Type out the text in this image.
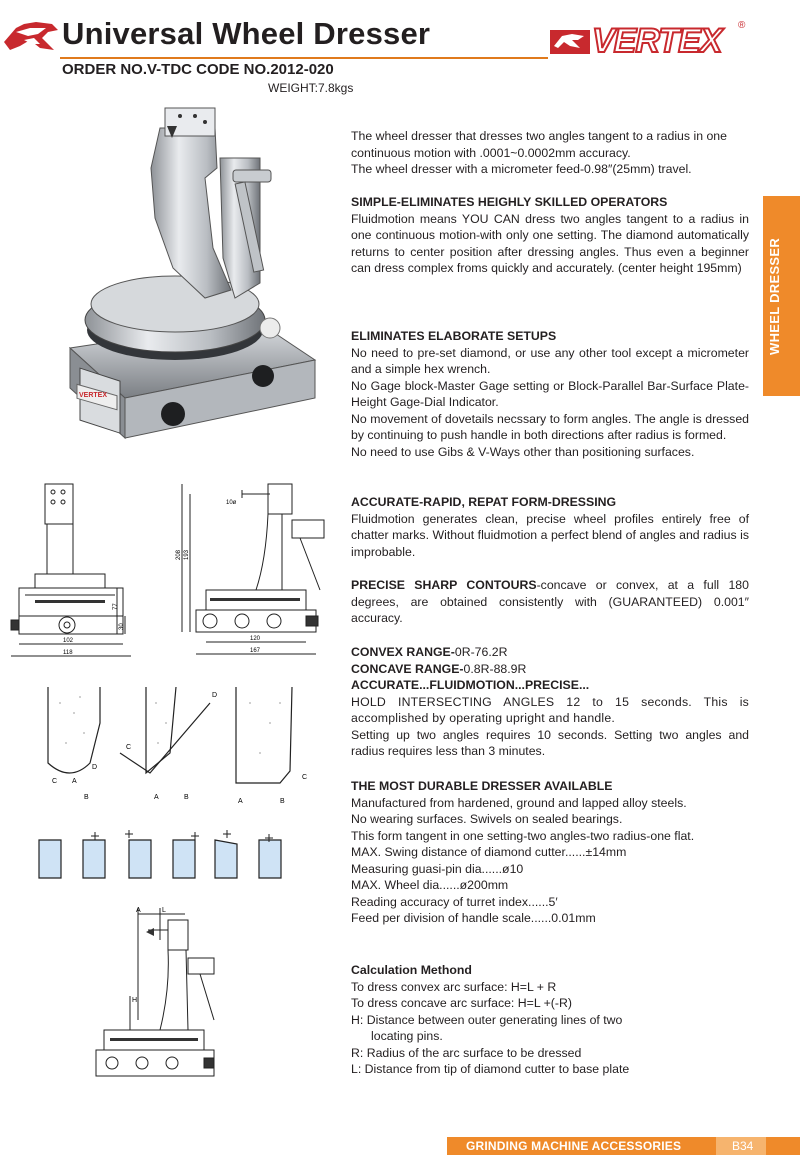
Universal Wheel Dresser
ORDER NO.V-TDC CODE NO.2012-020
WEIGHT:7.8kgs
VERTEX ®
WHEEL DRESSER
VERTEX
77
30
102
118
208 193
10ø
120
167
C A
D
B
D
C
A	B
A	B
C
A	L
H

The wheel dresser that dresses two angles tangent to a radius in one continuous motion with .0001~0.0002mm accuracy.

The wheel dresser with a micrometer feed-0.98″(25mm) travel.

SIMPLE-ELIMINATES HEIGHLY SKILLED OPERATORS

Fluidmotion means YOU CAN dress two angles tangent to a radius in one continuous motion-with only one setting. The diamond automatically returns to center position after dressing angles. Thus even a beginner can dress complex froms quickly and accurately. (center height 195mm)

ELIMINATES ELABORATE SETUPS

No need to pre-set diamond, or use any other tool except a micrometer and a simple hex wrench.

No Gage block-Master Gage setting or Block-Parallel Bar-Surface Plate-Height Gage-Dial Indicator.

No movement of dovetails necssary to form angles. The angle is dressed by continuing to push handle in both directions after radius is formed.

No need to use Gibs & V-Ways other than positioning surfaces.

ACCURATE-RAPID, REPAT FORM-DRESSING

Fluidmotion generates clean, precise wheel profiles entirely free of chatter marks. Without fluidmotion a perfect blend of angles and radius is improbable.

PRECISE SHARP CONTOURS-concave or convex, at a full 180 degrees, are obtained consistently with (GUARANTEED) 0.001″ accuracy.

CONVEX RANGE-0R-76.2R

CONCAVE RANGE-0.8R-88.9R

ACCURATE...FLUIDMOTION...PRECISE...

HOLD INTERSECTING ANGLES 12 to 15 seconds. This is accomplished by operating upright and handle.

Setting up two angles requires 10 seconds. Setting two angles and radius requires less than 3 minutes.

THE MOST DURABLE DRESSER AVAILABLE

Manufactured from hardened, ground and lapped alloy steels.

No wearing surfaces. Swivels on sealed bearings.

This form tangent in one setting-two angles-two radius-one flat.

MAX. Swing distance of diamond cutter......±14mm

Measuring guasi-pin dia......ø10

MAX. Wheel dia......ø200mm

Reading accuracy of turret index......5′

Feed per division of handle scale......0.01mm

Calculation Methond

To dress convex arc surface: H=L + R

To dress concave arc surface: H=L +(-R)

H: Distance between outer generating lines of two

locating pins.

R: Radius of the arc surface to be dressed

L: Distance from tip of diamond cutter to base plate

GRINDING MACHINE ACCESSORIES	B34
